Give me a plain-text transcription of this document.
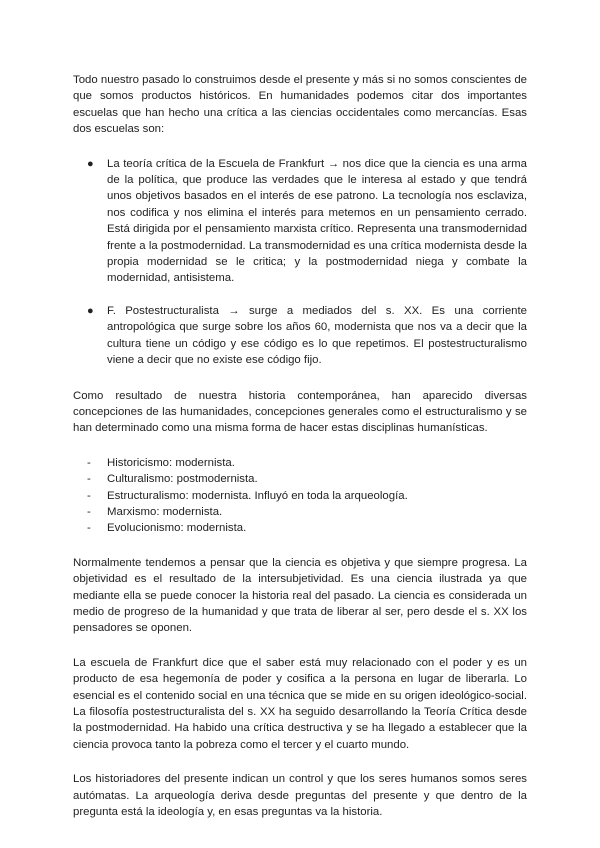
Todo nuestro pasado lo construimos desde el presente y más si no somos conscientes de que somos productos históricos. En humanidades podemos citar dos importantes escuelas que han hecho una crítica a las ciencias occidentales como mercancías. Esas dos escuelas son:

●	La teoría crítica de la Escuela de Frankfurt → nos dice que la ciencia es una arma de la política, que produce las verdades que le interesa al estado y que tendrá unos objetivos basados en el interés de ese patrono. La tecnología nos esclaviza, nos codifica y nos elimina el interés para metemos en un pensamiento cerrado. Está dirigida por el pensamiento marxista crítico. Representa una transmodernidad frente a la postmodernidad. La transmodernidad es una crítica modernista desde la propia modernidad se le critica; y la postmodernidad niega y combate la modernidad, antisistema.
●	F. Postestructuralista → surge a mediados del s. XX. Es una corriente antropológica que surge sobre los años 60, modernista que nos va a decir que la cultura tiene un código y ese código es lo que repetimos. El postestructuralismo viene a decir que no existe ese código fijo.

Como resultado de nuestra historia contemporánea, han aparecido diversas concepciones de las humanidades, concepciones generales como el estructuralismo y se han determinado como una misma forma de hacer estas disciplinas humanísticas.

-	Historicismo: modernista.
-	Culturalismo: postmodernista.
-	Estructuralismo: modernista. Influyó en toda la arqueología.
-	Marxismo: modernista.
-	Evolucionismo: modernista.

Normalmente tendemos a pensar que la ciencia es objetiva y que siempre progresa. La objetividad es el resultado de la intersubjetividad. Es una ciencia ilustrada ya que mediante ella se puede conocer la historia real del pasado. La ciencia es considerada un medio de progreso de la humanidad y que trata de liberar al ser, pero desde el s. XX los pensadores se oponen.

La escuela de Frankfurt dice que el saber está muy relacionado con el poder y es un producto de esa hegemonía de poder y cosifica a la persona en lugar de liberarla. Lo esencial es el contenido social en una técnica que se mide en su origen ideológico-social. La filosofía postestructuralista del s. XX ha seguido desarrollando la Teoría Crítica desde la postmodernidad. Ha habido una crítica destructiva y se ha llegado a establecer que la ciencia provoca tanto la pobreza como el tercer y el cuarto mundo.

Los historiadores del presente indican un control y que los seres humanos somos seres autómatas. La arqueología deriva desde preguntas del presente y que dentro de la pregunta está la ideología y, en esas preguntas va la historia.
